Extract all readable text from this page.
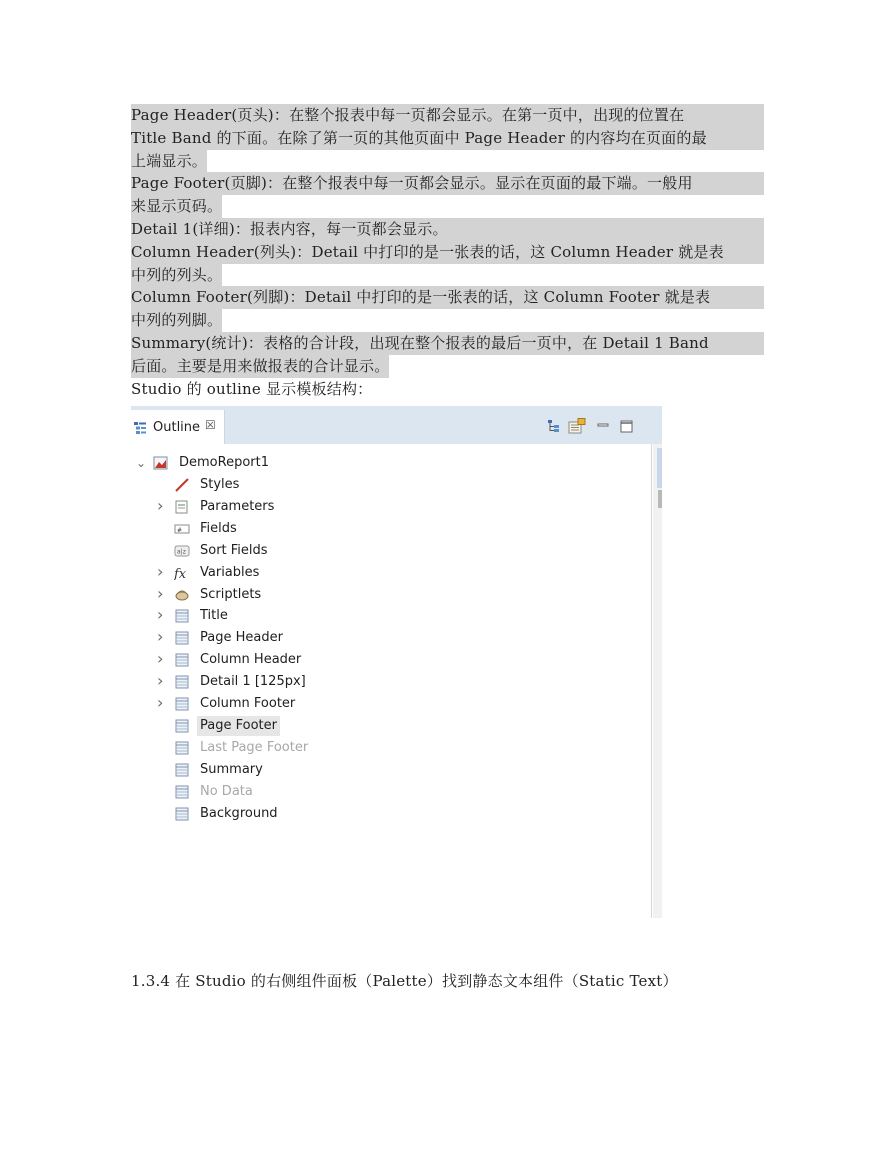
Page Header(页头)：在整个报表中每一页都会显示。在第一页中，出现的位置在
Title Band 的下面。在除了第一页的其他页面中 Page Header 的内容均在页面的最
上端显示。
Page Footer(页脚)：在整个报表中每一页都会显示。显示在页面的最下端。一般用
来显示页码。
Detail 1(详细)：报表内容，每一页都会显示。
Column Header(列头)：Detail 中打印的是一张表的话，这 Column Header 就是表
中列的列头。
Column Footer(列脚)：Detail 中打印的是一张表的话，这 Column Footer 就是表
中列的列脚。
Summary(统计)：表格的合计段，出现在整个报表的最后一页中，在 Detail 1 Band
后面。主要是用来做报表的合计显示。
Studio 的 outline 显示模板结构：
Outline ☒
⌄	DemoReport1
Styles
›	Parameters
# Fields
a|z Sort Fields
› fx Variables
›	Scriptlets
›	Title
›	Page Header
›	Column Header
›	Detail 1 [125px]
›	Column Footer
Page Footer
Last Page Footer
Summary
No Data
Background
1.3.4 在 Studio 的右侧组件面板（Palette）找到静态文本组件（Static Text）
